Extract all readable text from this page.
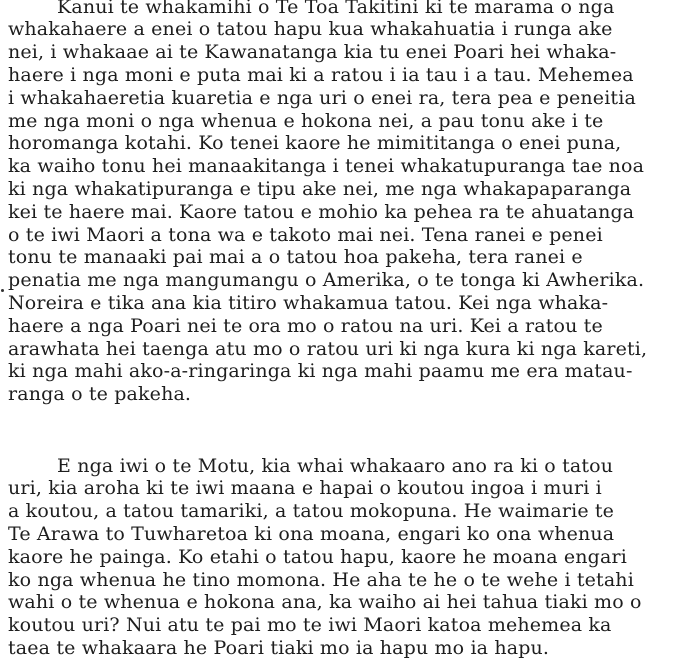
Kanui te whakamihi o Te Toa Takitini ki te marama o nga
whakahaere a enei o tatou hapu kua whakahuatia i runga ake
nei, i whakaae ai te Kawanatanga kia tu enei Poari hei whaka-
haere i nga moni e puta mai ki a ratou i ia tau i a tau. Mehemea
i whakahaeretia kuaretia e nga uri o enei ra, tera pea e peneitia
me nga moni o nga whenua e hokona nei, a pau tonu ake i te
horomanga kotahi. Ko tenei kaore he mimititanga o enei puna,
ka waiho tonu hei manaakitanga i tenei whakatupuranga tae noa
ki nga whakatipuranga e tipu ake nei, me nga whakapaparanga
kei te haere mai. Kaore tatou e mohio ka pehea ra te ahuatanga
o te iwi Maori a tona wa e takoto mai nei. Tena ranei e penei
tonu te manaaki pai mai a o tatou hoa pakeha, tera ranei e
penatia me nga mangumangu o Amerika, o te tonga ki Awherika.
Noreira e tika ana kia titiro whakamua tatou. Kei nga whaka-
haere a nga Poari nei te ora mo o ratou na uri. Kei a ratou te
arawhata hei taenga atu mo o ratou uri ki nga kura ki nga kareti,
ki nga mahi ako-a-ringaringa ki nga mahi paamu me era matau-
ranga o te pakeha.
E nga iwi o te Motu, kia whai whakaaro ano ra ki o tatou
uri, kia aroha ki te iwi maana e hapai o koutou ingoa i muri i
a koutou, a tatou tamariki, a tatou mokopuna. He waimarie te
Te Arawa to Tuwharetoa ki ona moana, engari ko ona whenua
kaore he painga. Ko etahi o tatou hapu, kaore he moana engari
ko nga whenua he tino momona. He aha te he o te wehe i tetahi
wahi o te whenua e hokona ana, ka waiho ai hei tahua tiaki mo o
koutou uri? Nui atu te pai mo te iwi Maori katoa mehemea ka
taea te whakaara he Poari tiaki mo ia hapu mo ia hapu.
